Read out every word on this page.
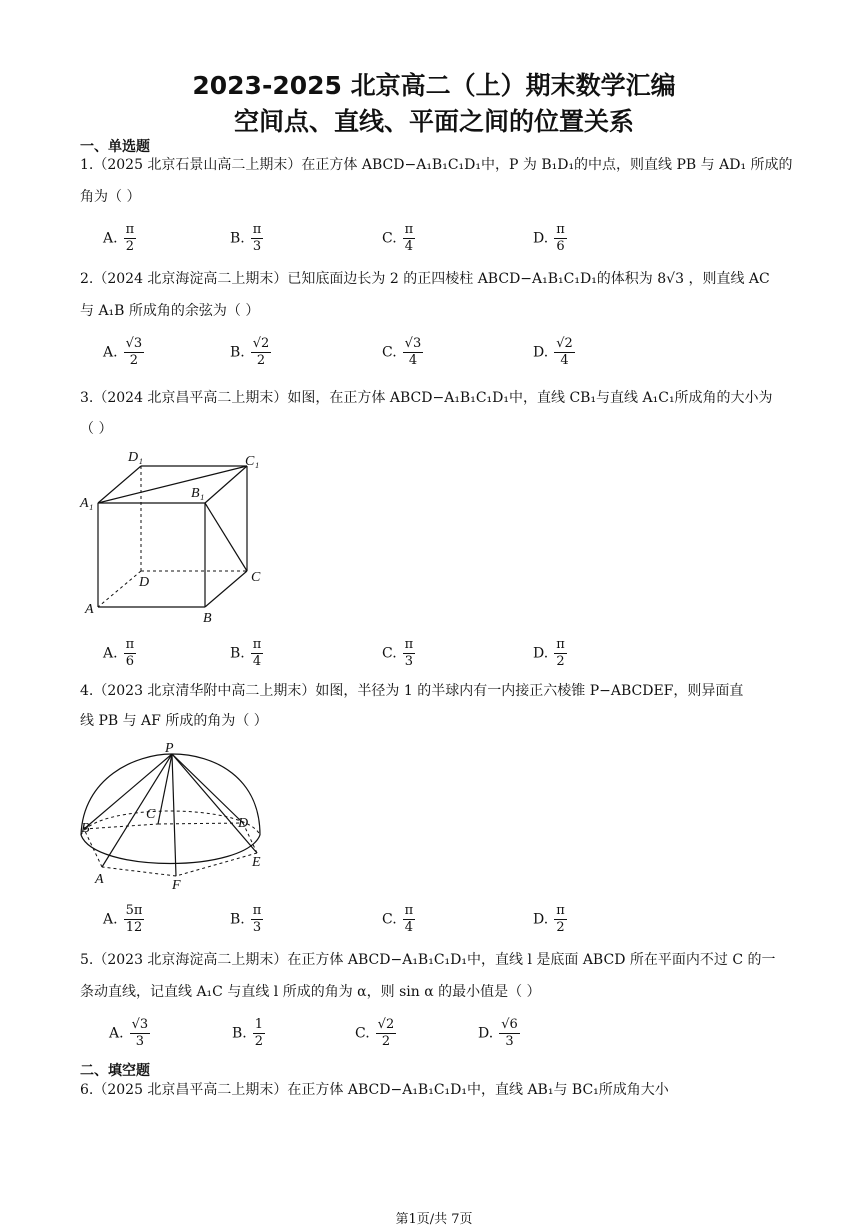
2023-2025 北京高二（上）期末数学汇编
空间点、直线、平面之间的位置关系
一、单选题
1.（2025 北京石景山高二上期末）在正方体 ABCD−A₁B₁C₁D₁中，P 为 B₁D₁的中点，则直线 PB 与 AD₁ 所成的
角为（ ）
A. $\frac{\pi}{2}$	B. $\frac{\pi}{3}$	C. $\frac{\pi}{4}$	D. $\frac{\pi}{6}$
2.（2024 北京海淀高二上期末）已知底面边长为 2 的正四棱柱 ABCD−A₁B₁C₁D₁的体积为 8√3 ，则直线 AC
与 A₁B 所成角的余弦为（ ）
A. $\frac{√3}{2}$	B. $\frac{√2}{2}$	C. $\frac{√3}{4}$	D. $\frac{√2}{4}$
3.（2024 北京昌平高二上期末）如图，在正方体 ABCD−A₁B₁C₁D₁中，直线 CB₁与直线 A₁C₁所成角的大小为
（ ）
D₁	C₁
A₁
B₁
D	C
A
B
A. $\frac{\pi}{6}$	B. $\frac{\pi}{4}$	C. $\frac{\pi}{3}$	D. $\frac{\pi}{2}$
4.（2023 北京清华附中高二上期末）如图，半径为 1 的半球内有一内接正六棱锥 P−ABCDEF，则异面直
线 PB 与 AF 所成的角为（ ）
P
B
C
D
E
A	F
A. $\frac{5\pi}{12}$	B. $\frac{\pi}{3}$	C. $\frac{\pi}{4}$	D. $\frac{\pi}{2}$
5.（2023 北京海淀高二上期末）在正方体 ABCD−A₁B₁C₁D₁中，直线 l 是底面 ABCD 所在平面内不过 C 的一
条动直线，记直线 A₁C 与直线 l 所成的角为 α，则 sin α 的最小值是（ ）
A. $\frac{√3}{3}$	B. $\frac{1}{2}$	C. $\frac{√2}{2}$	D. $\frac{√6}{3}$
二、填空题
6.（2025 北京昌平高二上期末）在正方体 ABCD−A₁B₁C₁D₁中，直线 AB₁与 BC₁所成角大小
第1页/共 7页
